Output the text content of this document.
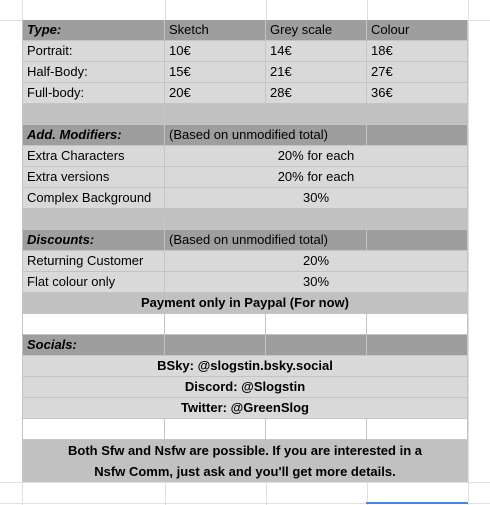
Type:	Sketch	Grey scale	Colour
Portrait:	10€	14€	18€
Half-Body:	15€	21€	27€
Full-body:	20€	28€	36€
Add. Modifiers:	(Based on unmodified total)
Extra Characters	20% for each
Extra versions	20% for each
Complex Background	30%
Discounts:	(Based on unmodified total)
Returning Customer	20%
Flat colour only	30%
Payment only in Paypal (For now)
Socials:
BSky: @slogstin.bsky.social
Discord: @Slogstin
Twitter: @GreenSlog
Both Sfw and Nsfw are possible. If you are interested in a Nsfw Comm, just ask and you'll get more details.
